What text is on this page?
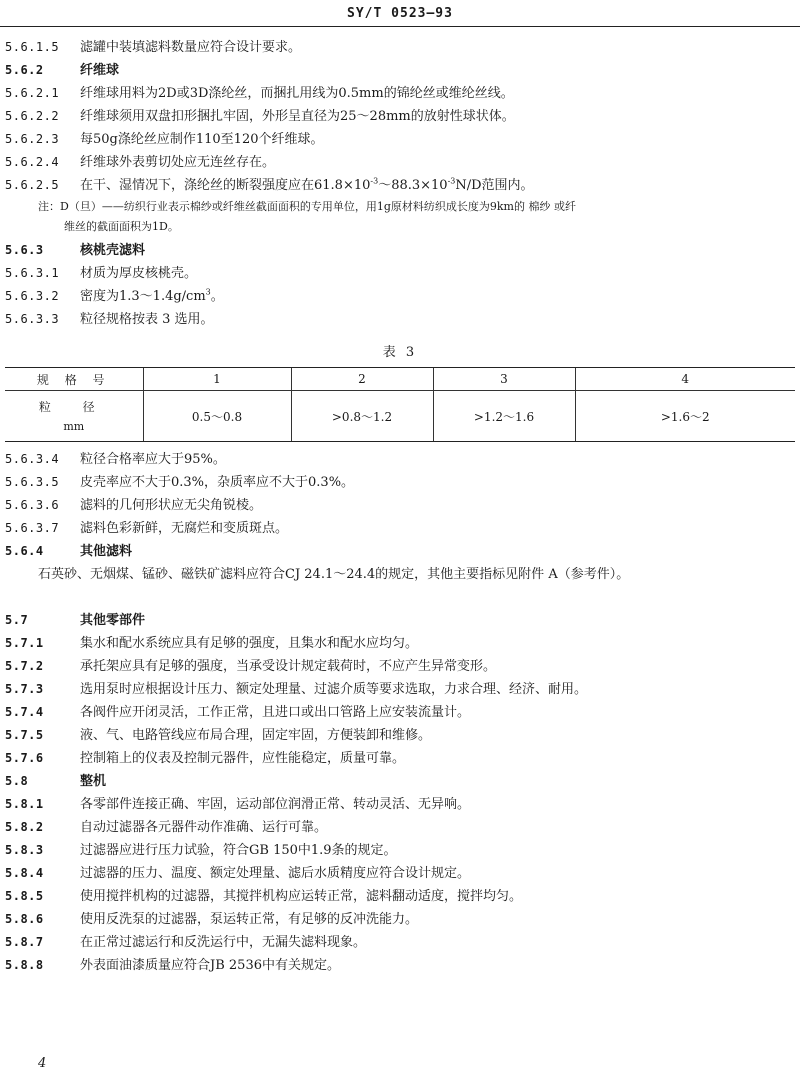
SY/T 0523—93
5.6.1.5 滤罐中装填滤料数量应符合设计要求。
5.6.2	纤维球
5.6.2.1 纤维球用料为2D或3D涤纶丝，而捆扎用线为0.5mm的锦纶丝或维纶丝线。
5.6.2.2 纤维球须用双盘扣形捆扎牢固，外形呈直径为25～28mm的放射性球状体。
5.6.2.3 每50g涤纶丝应制作110至120个纤维球。
5.6.2.4 纤维球外表剪切处应无连丝存在。
5.6.2.5 在干、湿情况下，涤纶丝的断裂强度应在$61.8\times 10^{-3}\sim 88.3\times 10^{-3}N/D$范围内。
注：D（旦）——纺织行业表示棉纱或纤维丝截面面积的专用单位，用1g原材料纺织成长度为9km的 棉纱 或纤
维丝的截面面积为1D。
5.6.3	核桃壳滤料
5.6.3.1 材质为厚皮核桃壳。
5.6.3.2 密度为$1.3\sim 1.4g/cm^3$。
5.6.3.3 粒径规格按表 3 选用。
表 3
规 格 号	1	2	3	4

粒 径
mm	0.5～0.8	>0.8～1.2	>1.2～1.6	>1.6～2
5.6.3.4 粒径合格率应大于95%。
5.6.3.5 皮壳率应不大于0.3%，杂质率应不大于0.3%。
5.6.3.6 滤料的几何形状应无尖角锐棱。
5.6.3.7 滤料色彩新鲜，无腐烂和变质斑点。
5.6.4	其他滤料
石英砂、无烟煤、锰砂、磁铁矿滤料应符合CJ 24.1～24.4的规定，其他主要指标见附件 A（参考件）。
5.7	其他零部件
5.7.1	集水和配水系统应具有足够的强度，且集水和配水应均匀。
5.7.2	承托架应具有足够的强度，当承受设计规定载荷时，不应产生异常变形。
5.7.3	选用泵时应根据设计压力、额定处理量、过滤介质等要求选取，力求合理、经济、耐用。
5.7.4	各阀件应开闭灵活，工作正常，且进口或出口管路上应安装流量计。
5.7.5	液、气、电路管线应布局合理，固定牢固，方便装卸和维修。
5.7.6	控制箱上的仪表及控制元器件，应性能稳定，质量可靠。
5.8	整机
5.8.1	各零部件连接正确、牢固，运动部位润滑正常、转动灵活、无异响。
5.8.2	自动过滤器各元器件动作准确、运行可靠。
5.8.3	过滤器应进行压力试验，符合GB 150中1.9条的规定。
5.8.4	过滤器的压力、温度、额定处理量、滤后水质精度应符合设计规定。
5.8.5	使用搅拌机构的过滤器，其搅拌机构应运转正常，滤料翻动适度，搅拌均匀。
5.8.6	使用反洗泵的过滤器，泵运转正常，有足够的反冲洗能力。
5.8.7	在正常过滤运行和反洗运行中，无漏失滤料现象。
5.8.8	外表面油漆质量应符合JB 2536中有关规定。
4
